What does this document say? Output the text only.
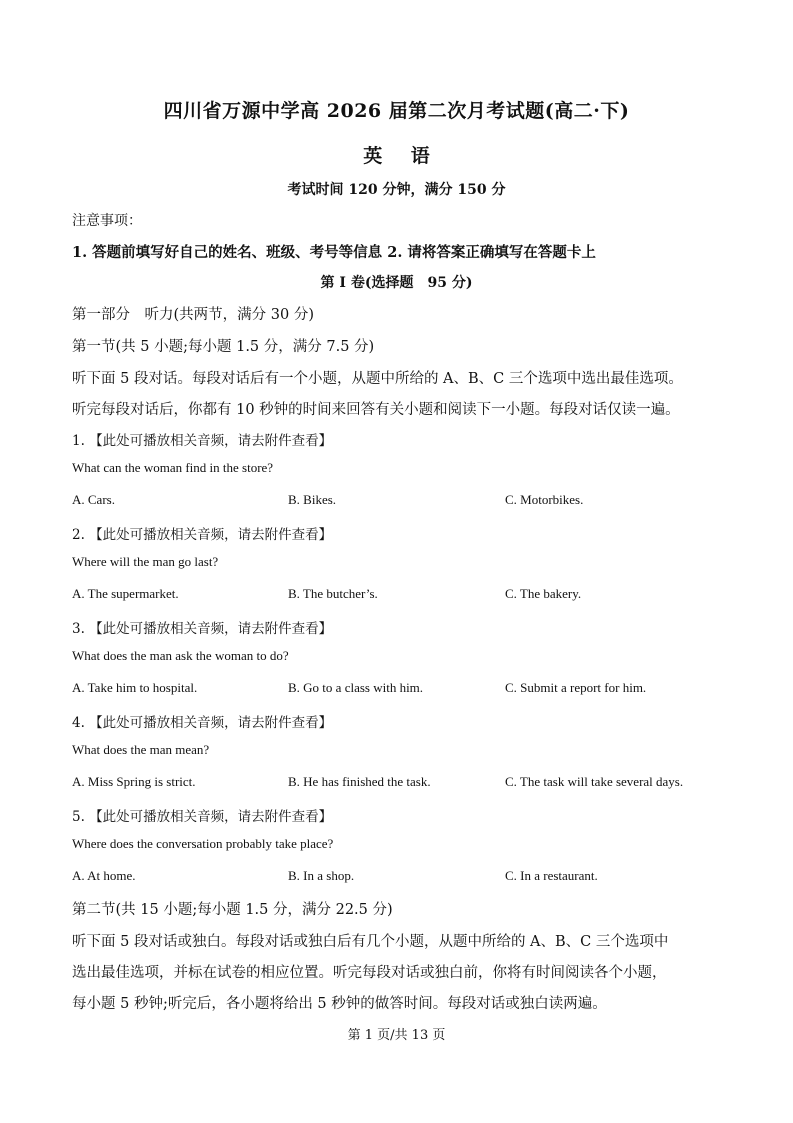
四川省万源中学高 2026 届第二次月考试题(高二·下)
英 语
考试时间 120 分钟，满分 150 分
注意事项：
1. 答题前填写好自己的姓名、班级、考号等信息 2. 请将答案正确填写在答题卡上
第 I 卷(选择题　95 分)
第一部分　听力(共两节，满分 30 分)
第一节(共 5 小题;每小题 1.5 分，满分 7.5 分)
听下面 5 段对话。每段对话后有一个小题，从题中所给的 A、B、C 三个选项中选出最佳选项。
听完每段对话后，你都有 10 秒钟的时间来回答有关小题和阅读下一小题。每段对话仅读一遍。
1. 【此处可播放相关音频，请去附件查看】
What can the woman find in the store?
A. Cars.	B. Bikes.	C. Motorbikes.
2. 【此处可播放相关音频，请去附件查看】
Where will the man go last?
A. The supermarket.	B. The butcher’s.	C. The bakery.
3. 【此处可播放相关音频，请去附件查看】
What does the man ask the woman to do?
A. Take him to hospital.	B. Go to a class with him.	C. Submit a report for him.
4. 【此处可播放相关音频，请去附件查看】
What does the man mean?
A. Miss Spring is strict.	B. He has finished the task.	C. The task will take several days.
5. 【此处可播放相关音频，请去附件查看】
Where does the conversation probably take place?
A. At home.	B. In a shop.	C. In a restaurant.
第二节(共 15 小题;每小题 1.5 分，满分 22.5 分)
听下面 5 段对话或独白。每段对话或独白后有几个小题，从题中所给的 A、B、C 三个选项中
选出最佳选项，并标在试卷的相应位置。听完每段对话或独白前，你将有时间阅读各个小题，
每小题 5 秒钟;听完后，各小题将给出 5 秒钟的做答时间。每段对话或独白读两遍。
第 1 页/共 13 页
